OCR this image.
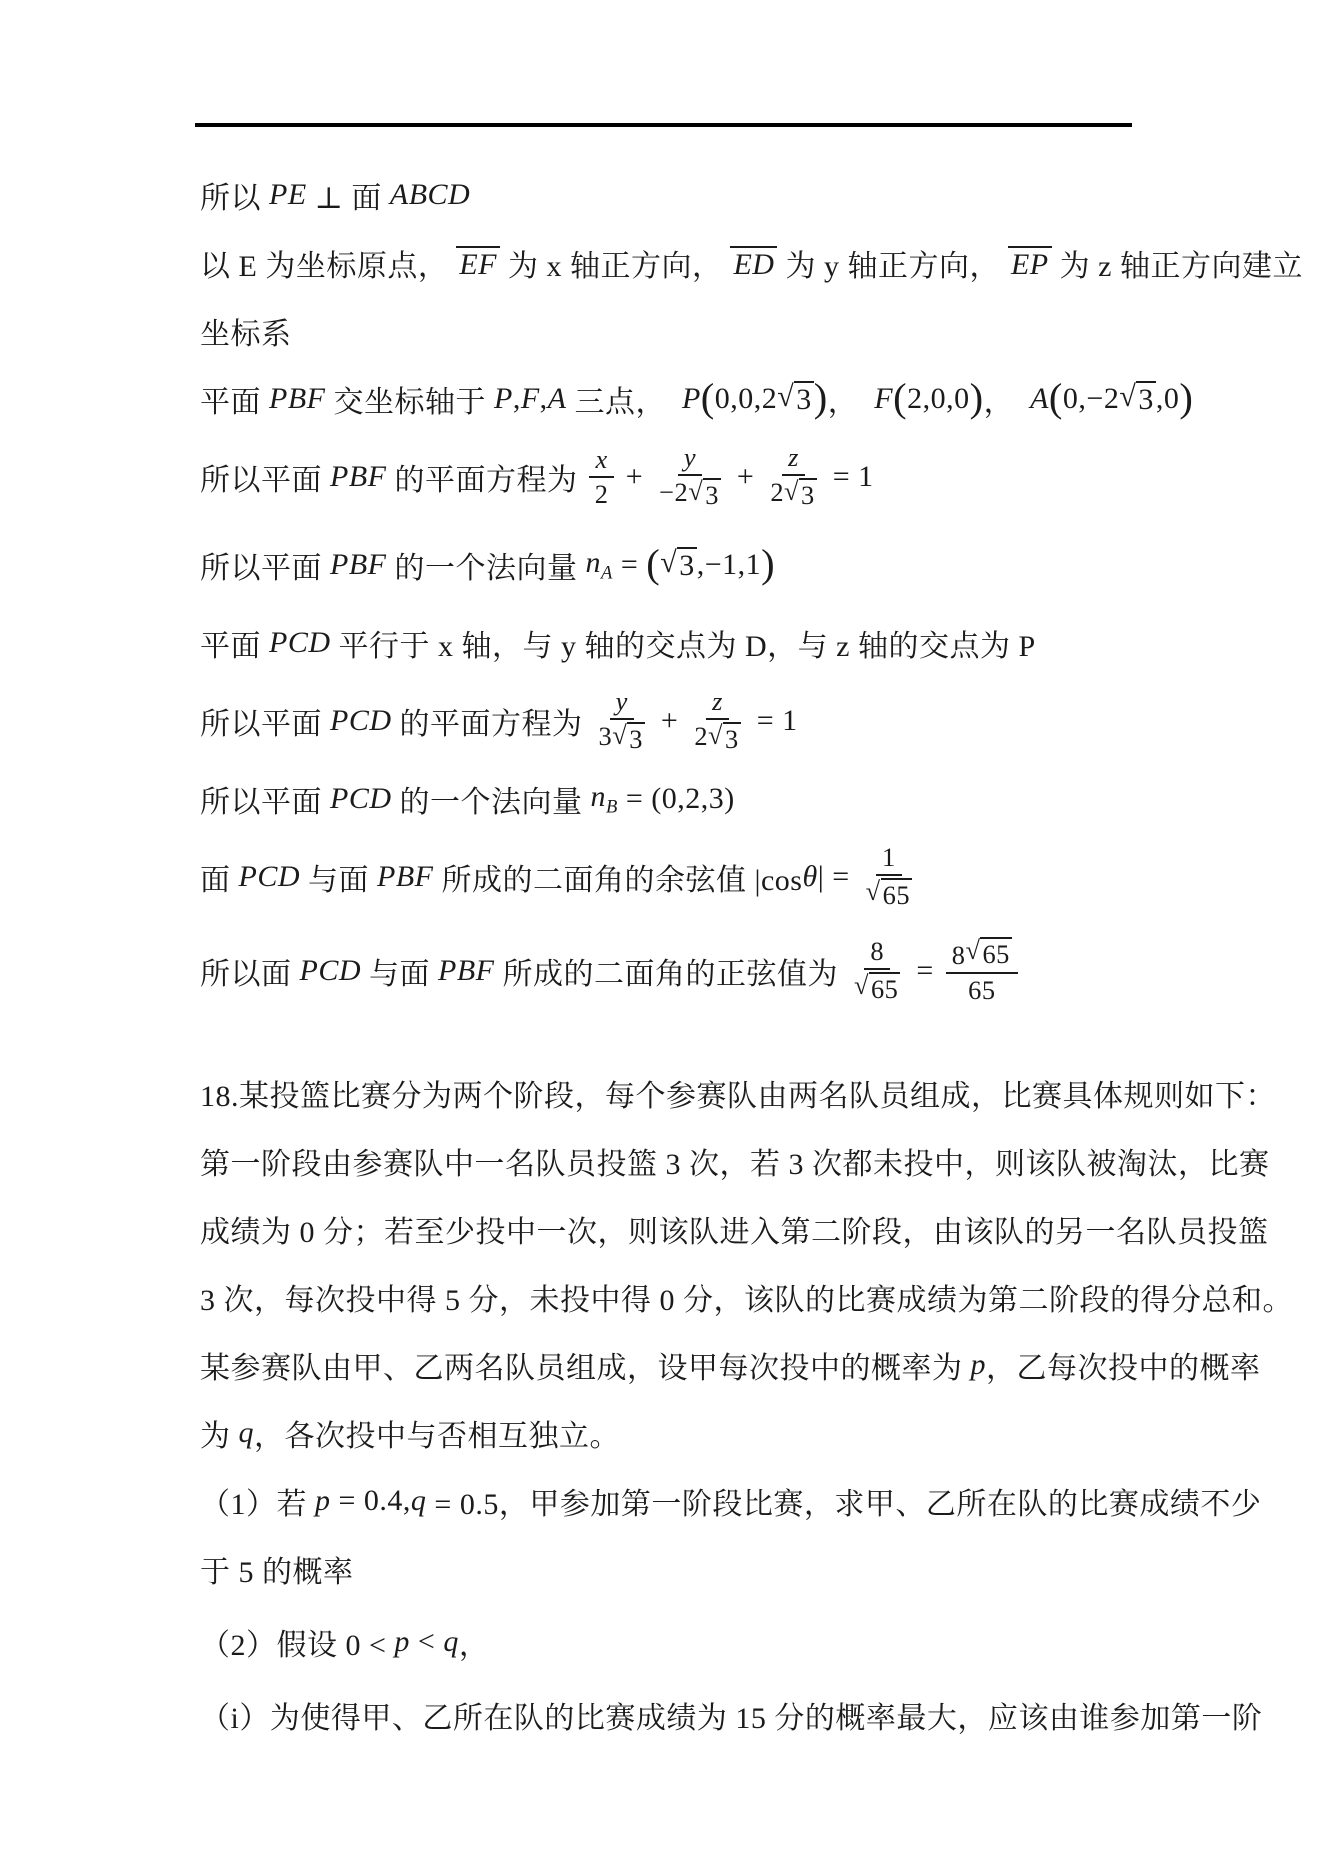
所以 PE ⊥ 面 ABCD
以 E 为坐标原点， EF 为 x 轴正方向， ED 为 y 轴正方向， EP 为 z 轴正方向建立
坐标系
平面 PBF 交坐标轴于 P , F , A 三点， P ( 0,0,2 √ 3 ) ， F ( 2,0,0 ) ， A ( 0,−2 √ 3 ,0 )
所以平面 PBF 的平面方程为 $\frac{x}{2} + \frac{y}{-2 √ 3} + \frac{z}{2 √ 3} = 1$
所以平面 PBF 的一个法向量 $n_A$ = ( √ 3 ,−1,1 )
平面 PCD 平行于 x 轴，与 y 轴的交点为 D，与 z 轴的交点为 P
所以平面 PCD 的平面方程为 $\frac{y}{3 √ 3} + \frac{z}{2 √ 3} = 1$
所以平面 PCD 的一个法向量 $n_B = (0,2,3)$
面 PCD 与面 PBF 所成的二面角的余弦值 |cos θ | = $\frac{1}{√ 65}$
所以面 PCD 与面 PBF 所成的二面角的正弦值为 $\frac{8}{√ 65} = \frac{8 √ 65}{65}$
18.某投篮比赛分为两个阶段，每个参赛队由两名队员组成，比赛具体规则如下：
第一阶段由参赛队中一名队员投篮 3 次，若 3 次都未投中，则该队被淘汰，比赛
成绩为 0 分；若至少投中一次，则该队进入第二阶段，由该队的另一名队员投篮
3 次，每次投中得 5 分，未投中得 0 分，该队的比赛成绩为第二阶段的得分总和。
某参赛队由甲、乙两名队员组成，设甲每次投中的概率为 p ，乙每次投中的概率
为 q ，各次投中与否相互独立。
（1）若 p = 0.4, q = 0.5，甲参加第一阶段比赛，求甲、乙所在队的比赛成绩不少
于 5 的概率
（2）假设 0 < p < q ，
（i）为使得甲、乙所在队的比赛成绩为 15 分的概率最大，应该由谁参加第一阶
